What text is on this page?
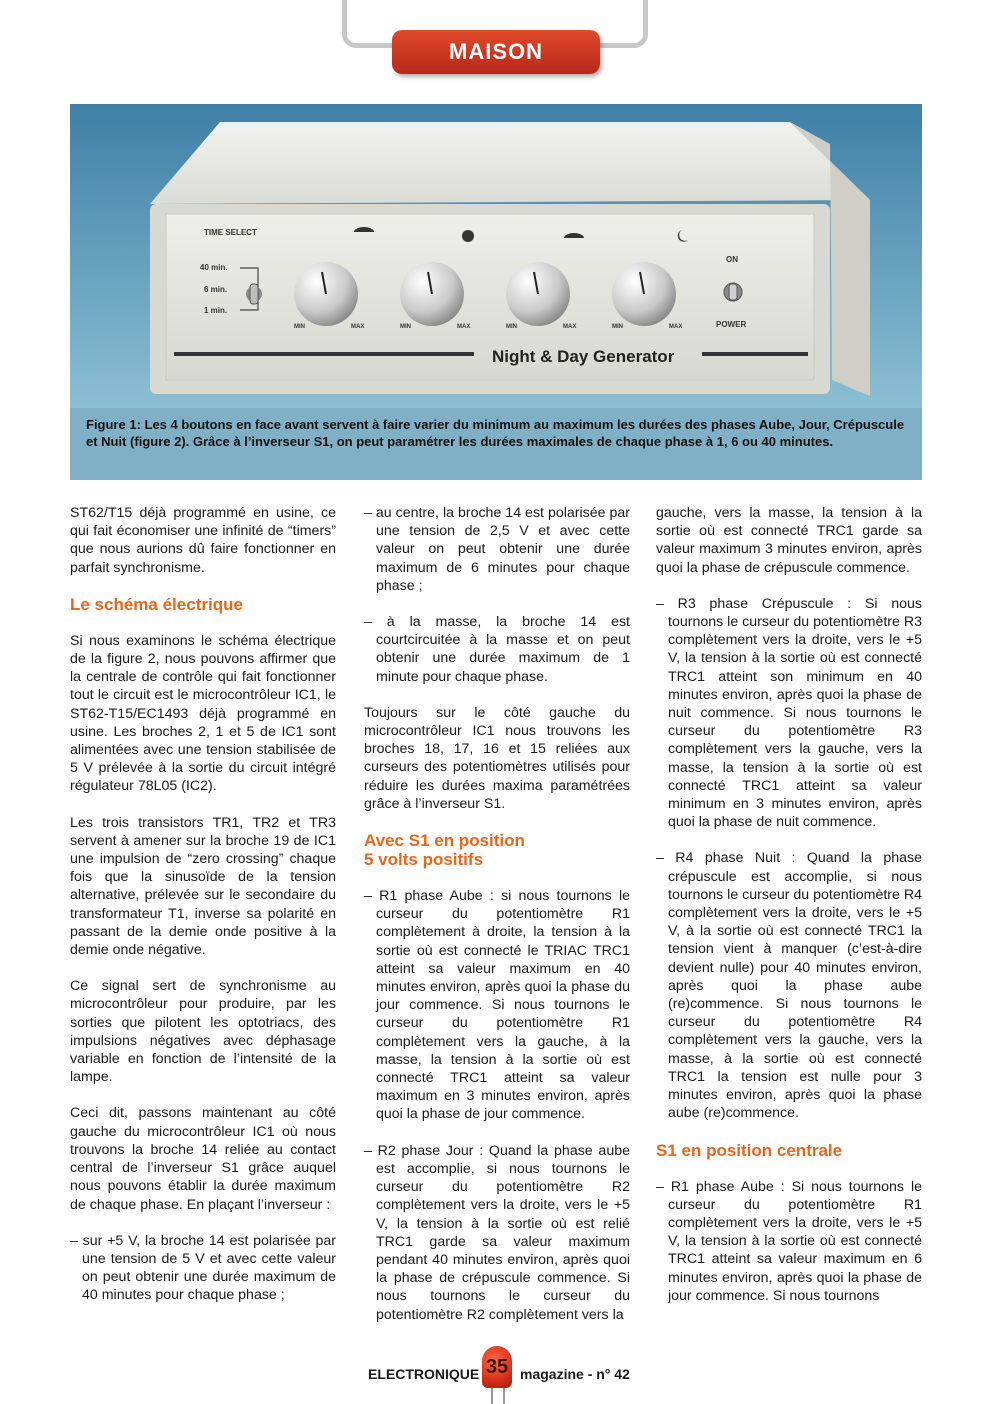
MAISON
TIME SELECT
40 min.
6 min.
1 min.
MIN	MAX	MIN	MAX	MIN	MAX	MIN	MAX
ON
POWER
Night & Day Generator
Figure 1: Les 4 boutons en face avant servent à faire varier du minimum au maximum les durées des phases Aube, Jour, Crépuscule et Nuit (figure 2). Grâce à l’inverseur S1, on peut paramétrer les durées maximales de chaque phase à 1, 6 ou 40 minutes.

ST62/T15 déjà programmé en usine, ce qui fait économiser une infinité de “timers” que nous aurions dû faire fonctionner en parfait synchronisme.

Le schéma électrique

Si nous examinons le schéma électrique de la figure 2, nous pouvons affirmer que la centrale de contrôle qui fait fonctionner tout le circuit est le microcontrôleur IC1, le ST62-T15/EC1493 déjà programmé en usine. Les broches 2, 1 et 5 de IC1 sont alimentées avec une tension stabilisée de 5 V prélevée à la sortie du circuit intégré régulateur 78L05 (IC2).

Les trois transistors TR1, TR2 et TR3 servent à amener sur la broche 19 de IC1 une impulsion de “zero crossing” chaque fois que la sinusoïde de la tension alternative, prélevée sur le secondaire du transformateur T1, inverse sa polarité en passant de la demie onde positive à la demie onde négative.

Ce signal sert de synchronisme au microcontrôleur pour produire, par les sorties que pilotent les optotriacs, des impulsions négatives avec déphasage variable en fonction de l’intensité de la lampe.

Ceci dit, passons maintenant au côté gauche du microcontrôleur IC1 où nous trouvons la broche 14 reliée au contact central de l’inverseur S1 grâce auquel nous pouvons établir la durée maximum de chaque phase. En plaçant l’inverseur :

– sur +5 V, la broche 14 est polarisée par une tension de 5 V et avec cette valeur on peut obtenir une durée maximum de 40 minutes pour chaque phase ;

– au centre, la broche 14 est polarisée par une tension de 2,5 V et avec cette valeur on peut obtenir une durée maximum de 6 minutes pour chaque phase ;

– à la masse, la broche 14 est courtcircuitée à la masse et on peut obtenir une durée maximum de 1 minute pour chaque phase.

Toujours sur le côté gauche du microcontrôleur IC1 nous trouvons les broches 18, 17, 16 et 15 reliées aux curseurs des potentiomètres utilisés pour réduire les durées maxima paramétrées grâce à l’inverseur S1.

Avec S1 en position
5 volts positifs

– R1 phase Aube : si nous tournons le curseur du potentiomètre R1 complètement à droite, la tension à la sortie où est connecté le TRIAC TRC1 atteint sa valeur maximum en 40 minutes environ, après quoi la phase du jour commence. Si nous tournons le curseur du potentiomètre R1 complètement vers la gauche, à la masse, la tension à la sortie où est connecté TRC1 atteint sa valeur maximum en 3 minutes environ, après quoi la phase de jour commence.

– R2 phase Jour : Quand la phase aube est accomplie, si nous tournons le curseur du potentiomètre R2 complètement vers la droite, vers le +5 V, la tension à la sortie où est relié TRC1 garde sa valeur maximum pendant 40 minutes environ, après quoi la phase de crépuscule commence. Si nous tournons le curseur du potentiomètre R2 complètement vers la

gauche, vers la masse, la tension à la sortie où est connecté TRC1 garde sa valeur maximum 3 minutes environ, après quoi la phase de crépuscule commence.

– R3 phase Crépuscule : Si nous tournons le curseur du potentiomètre R3 complètement vers la droite, vers le +5 V, la tension à la sortie où est connecté TRC1 atteint son minimum en 40 minutes environ, après quoi la phase de nuit commence. Si nous tournons le curseur du potentiomètre R3 complètement vers la gauche, vers la masse, la tension à la sortie où est connecté TRC1 atteint sa valeur minimum en 3 minutes environ, après quoi la phase de nuit commence.

– R4 phase Nuit : Quand la phase crépuscule est accomplie, si nous tournons le curseur du potentiomètre R4 complètement vers la droite, vers le +5 V, à la sortie où est connecté TRC1 la tension vient à manquer (c’est-à-dire devient nulle) pour 40 minutes environ, après quoi la phase aube (re)commence. Si nous tournons le curseur du potentiomètre R4 complètement vers la gauche, vers la masse, à la sortie où est connecté TRC1 la tension est nulle pour 3 minutes environ, après quoi la phase aube (re)commence.

S1 en position centrale

– R1 phase Aube : Si nous tournons le curseur du potentiomètre R1 complètement vers la droite, vers le +5 V, la tension à la sortie où est connecté TRC1 atteint sa valeur maximum en 6 minutes environ, après quoi la phase de jour commence. Si nous tournons

ELECTRONIQUE 35 magazine - n° 42
